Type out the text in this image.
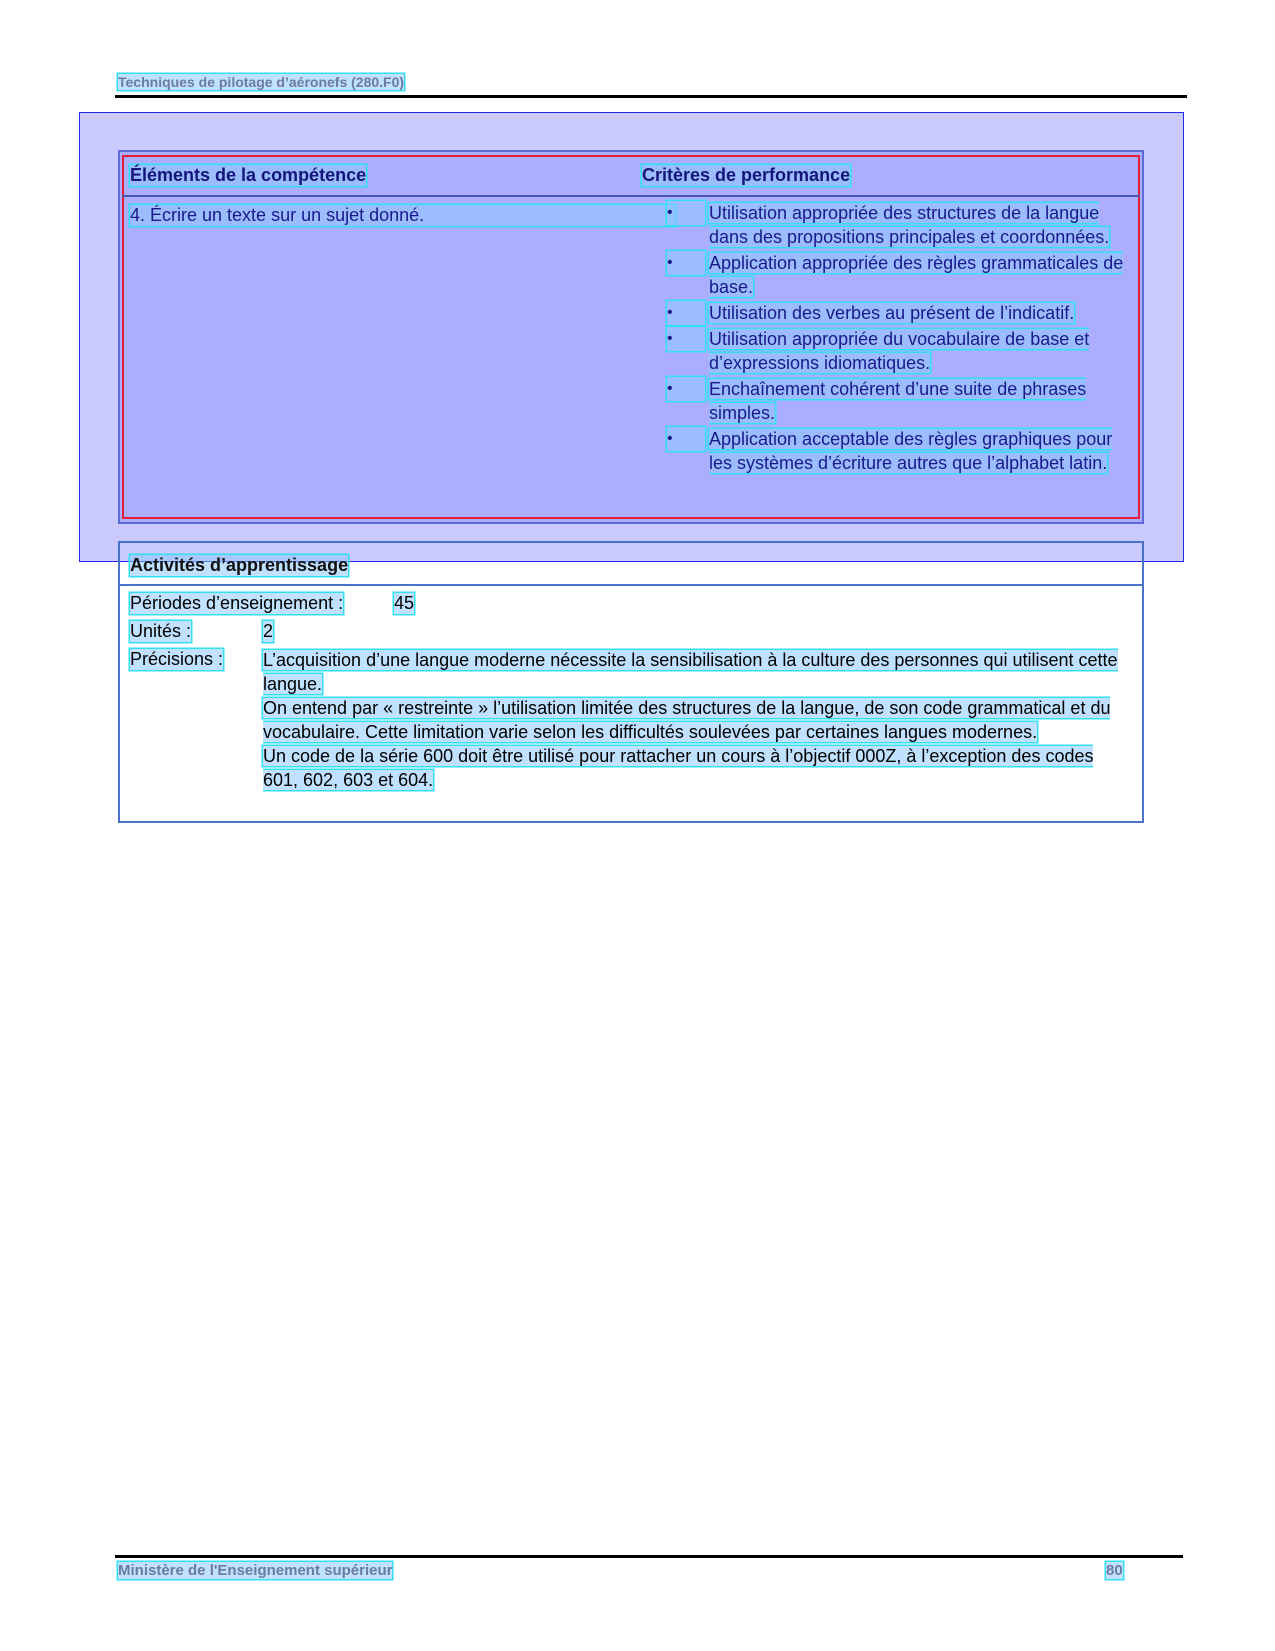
Techniques de pilotage d’aéronefs (280.F0)
Éléments de la compétence	Critères de performance
4. Écrire un texte sur un sujet donné.	•	Utilisation appropriée des structures de la langue dans des propositions principales et coordonnées.
•	Application appropriée des règles grammaticales de base.
•	Utilisation des verbes au présent de l’indicatif.
•	Utilisation appropriée du vocabulaire de base et d’expressions idiomatiques.
•	Enchaînement cohérent d’une suite de phrases simples.
•	Application acceptable des règles graphiques pour les systèmes d’écriture autres que l’alphabet latin.
Activités d’apprentissage
Périodes d’enseignement :	45
Unités :	2
Précisions : L’acquisition d’une langue moderne nécessite la sensibilisation à la culture des personnes qui utilisent cette langue.

On entend par « restreinte » l’utilisation limitée des structures de la langue, de son code grammatical et du vocabulaire. Cette limitation varie selon les difficultés soulevées par certaines langues modernes.

Un code de la série 600 doit être utilisé pour rattacher un cours à l’objectif 000Z, à l’exception des codes 601, 602, 603 et 604.

Ministère de l'Enseignement supérieur	80
